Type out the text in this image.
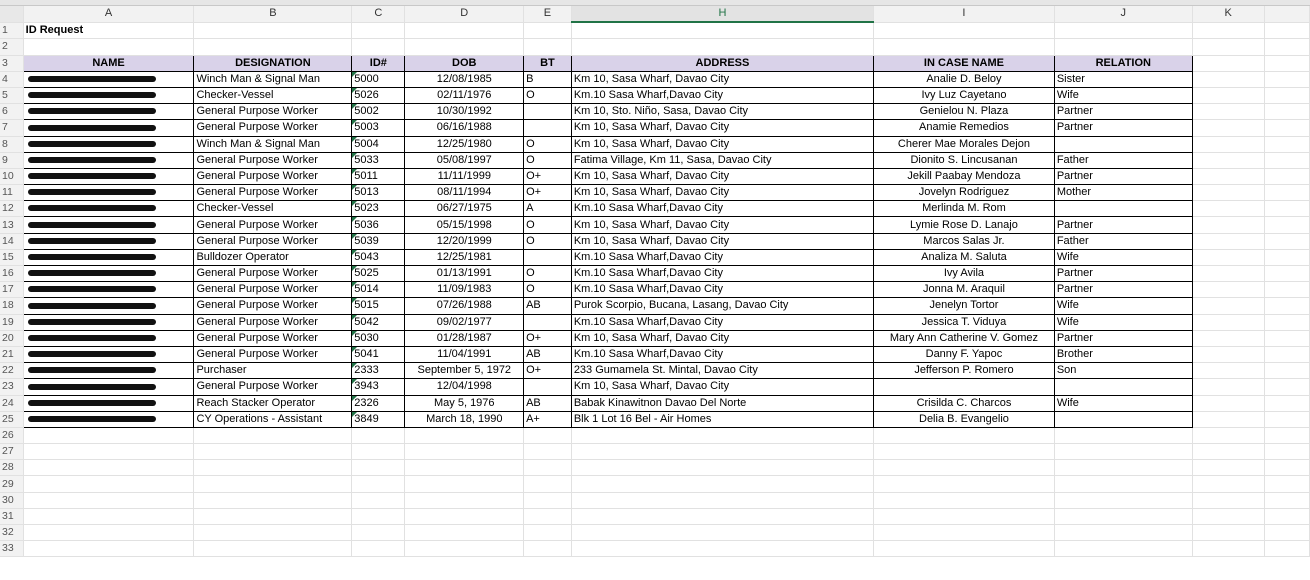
	A	B	C	D	E	H	I	J	K	
1	ID Request									
2										
3	NAME	DESIGNATION	ID#	DOB	BT	ADDRESS	IN CASE NAME	RELATION		
4		Winch Man & Signal Man	5000	12/08/1985	B	Km 10, Sasa Wharf, Davao City	Analie D. Beloy	Sister		
5		Checker-Vessel	5026	02/11/1976	O	Km.10 Sasa Wharf,Davao City	Ivy Luz Cayetano	Wife		
6		General Purpose Worker	5002	10/30/1992		Km 10, Sto. Niño, Sasa, Davao City	Genielou N. Plaza	Partner		
7		General Purpose Worker	5003	06/16/1988		Km 10, Sasa Wharf, Davao City	Anamie Remedios	Partner		
8		Winch Man & Signal Man	5004	12/25/1980	O	Km 10, Sasa Wharf, Davao City	Cherer Mae Morales Dejon			
9		General Purpose Worker	5033	05/08/1997	O	Fatima Village, Km 11, Sasa, Davao City	Dionito S. Lincusanan	Father		
10		General Purpose Worker	5011	11/11/1999	O+	Km 10, Sasa Wharf, Davao City	Jekill Paabay Mendoza	Partner		
11		General Purpose Worker	5013	08/11/1994	O+	Km 10, Sasa Wharf, Davao City	Jovelyn Rodriguez	Mother		
12		Checker-Vessel	5023	06/27/1975	A	Km.10 Sasa Wharf,Davao City	Merlinda M. Rom			
13		General Purpose Worker	5036	05/15/1998	O	Km 10, Sasa Wharf, Davao City	Lymie Rose D. Lanajo	Partner		
14		General Purpose Worker	5039	12/20/1999	O	Km 10, Sasa Wharf, Davao City	Marcos Salas Jr.	Father		
15		Bulldozer Operator	5043	12/25/1981		Km.10 Sasa Wharf,Davao City	Analiza M. Saluta	Wife		
16		General Purpose Worker	5025	01/13/1991	O	Km.10 Sasa Wharf,Davao City	Ivy Avila	Partner		
17		General Purpose Worker	5014	11/09/1983	O	Km.10 Sasa Wharf,Davao City	Jonna M. Araquil	Partner		
18		General Purpose Worker	5015	07/26/1988	AB	Purok Scorpio, Bucana, Lasang, Davao City	Jenelyn Tortor	Wife		
19		General Purpose Worker	5042	09/02/1977		Km.10 Sasa Wharf,Davao City	Jessica T. Viduya	Wife		
20		General Purpose Worker	5030	01/28/1987	O+	Km 10, Sasa Wharf, Davao City	Mary Ann Catherine V. Gomez	Partner		
21		General Purpose Worker	5041	11/04/1991	AB	Km.10 Sasa Wharf,Davao City	Danny F. Yapoc	Brother		
22		Purchaser	2333	September 5, 1972	O+	233 Gumamela St. Mintal, Davao City	Jefferson P. Romero	Son		
23		General Purpose Worker	3943	12/04/1998		Km 10, Sasa Wharf, Davao City				
24		Reach Stacker Operator	2326	May 5, 1976	AB	Babak Kinawitnon Davao Del Norte	Crisilda C. Charcos	Wife		
25		CY Operations - Assistant	3849	March 18, 1990	A+	Blk 1 Lot 16 Bel - Air Homes	Delia B. Evangelio			
26										
27										
28										
29										
30										
31										
32										
33										
